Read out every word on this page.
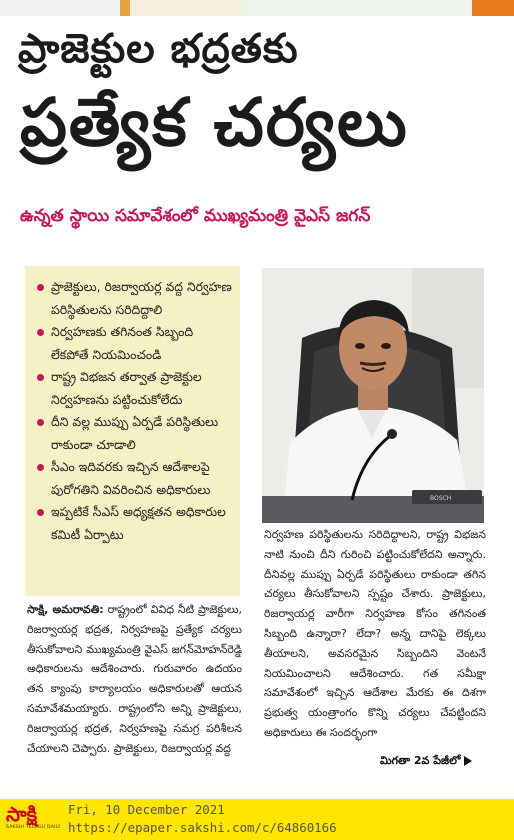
ప్రాజెక్టుల భద్రతకు
ప్రత్యేక చర్యలు
ఉన్నత స్థాయి సమావేశంలో ముఖ్యమంత్రి వైఎస్ జగన్
ప్రాజెక్టులు, రిజర్వాయర్ల వద్ద నిర్వహణ పరిస్థితులను సరిదిద్దాలి
నిర్వహణకు తగినంత సిబ్బంది లేకపోతే నియమించండి
రాష్ట్ర విభజన తర్వాత ప్రాజెక్టుల నిర్వహణను పట్టించుకోలేదు
దీని వల్ల ముప్పు ఏర్పడే పరిస్థితులు రాకుండా చూడాలి
సీఎం ఇదివరకు ఇచ్చిన ఆదేశాలపై పురోగతిని వివరించిన అధికారులు
ఇప్పటికే సీఎస్ అధ్యక్షతన అధికారుల కమిటీ ఏర్పాటు
BOSCH
సాక్షి, అమరావతి: రాష్ట్రంలో వివిధ నీటి ప్రాజెక్టులు, రిజర్వాయర్ల భద్రత, నిర్వహణపై ప్రత్యేక చర్యలు తీసుకోవాలని ముఖ్యమంత్రి వైఎస్ జగన్‌మోహన్‌రెడ్డి అధికారులను ఆదేశించారు. గురువారం ఉదయం తన క్యాంపు కార్యాలయం అధికారులతో ఆయన సమావేశమయ్యారు. రాష్ట్రంలోని అన్ని ప్రాజెక్టులు, రిజర్వాయర్ల భద్రత, నిర్వహణపై సమగ్ర పరిశీలన చేయాలని చెప్పారు. ప్రాజెక్టులు, రిజర్వాయర్ల వద్ద
నిర్వహణ పరిస్థితులను సరిదిద్దాలని, రాష్ట్ర విభజన నాటి నుంచి దీని గురించి పట్టించుకోలేదని అన్నారు. దీనివల్ల ముప్పు ఏర్పడే పరిస్థితులు రాకుండా తగిన చర్యలు తీసుకోవాలని స్పష్టం చేశారు. ప్రాజెక్టులు, రిజర్వాయర్ల వారీగా నిర్వహణ కోసం తగినంత సిబ్బంది ఉన్నారా? లేదా? అన్న దానిపై లెక్కలు తీయాలని, అవసరమైన సిబ్బందిని వెంటనే నియమించాలని ఆదేశించారు. గత సమీక్షా సమావేశంలో ఇచ్చిన ఆదేశాల మేరకు ఈ దిశగా ప్రభుత్వ యంత్రాంగం కొన్ని చర్యలు చేపట్టిందని అధికారులు ఈ సందర్భంగా
మిగతా 2వ పేజీలో
సాక్షి
SAKSHI TELUGU DAILY
Fri, 10 December 2021
https://epaper.sakshi.com/c/64860166
